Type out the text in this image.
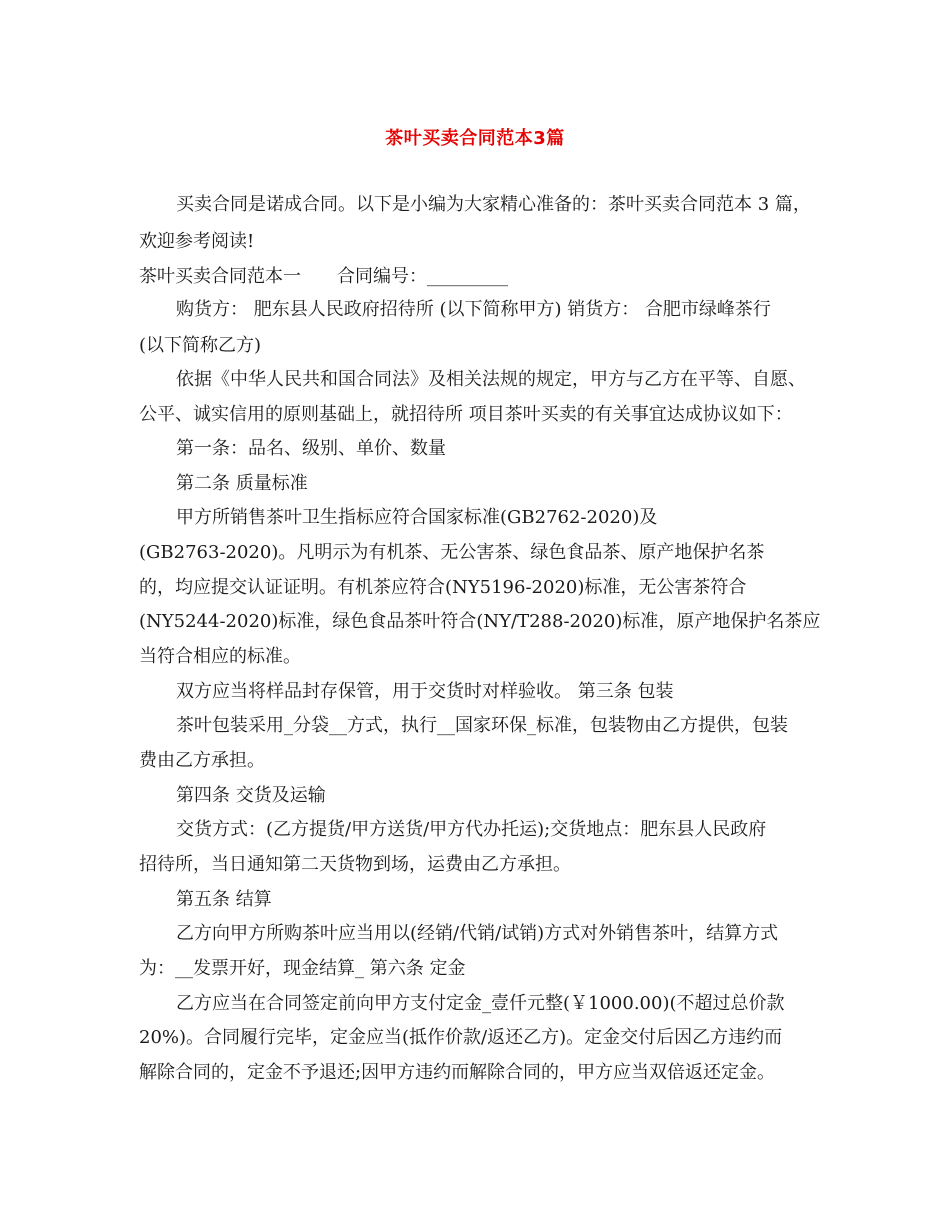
茶叶买卖合同范本3篇
买卖合同是诺成合同。以下是小编为大家精心准备的：茶叶买卖合同范本 3 篇，
欢迎参考阅读!
茶叶买卖合同范本一　　合同编号：_________
购货方： 肥东县人民政府招待所 (以下简称甲方) 销货方： 合肥市绿峰茶行
(以下简称乙方)
依据《中华人民共和国合同法》及相关法规的规定，甲方与乙方在平等、自愿、
公平、诚实信用的原则基础上，就招待所 项目茶叶买卖的有关事宜达成协议如下：
第一条：品名、级别、单价、数量
第二条 质量标准
甲方所销售茶叶卫生指标应符合国家标准(GB2762-2020)及
(GB2763-2020)。凡明示为有机茶、无公害茶、绿色食品茶、原产地保护名茶
的，均应提交认证证明。有机茶应符合(NY5196-2020)标准，无公害茶符合
(NY5244-2020)标准，绿色食品茶叶符合(NY/T288-2020)标准，原产地保护名茶应
当符合相应的标准。
双方应当将样品封存保管，用于交货时对样验收。 第三条 包装
茶叶包装采用_分袋__方式，执行__国家环保_标准，包装物由乙方提供，包装
费由乙方承担。
第四条 交货及运输
交货方式：(乙方提货/甲方送货/甲方代办托运);交货地点：肥东县人民政府
招待所，当日通知第二天货物到场，运费由乙方承担。
第五条 结算
乙方向甲方所购茶叶应当用以(经销/代销/试销)方式对外销售茶叶，结算方式
为：__发票开好，现金结算_ 第六条 定金
乙方应当在合同签定前向甲方支付定金_壹仟元整(￥1000.00)(不超过总价款
20%)。合同履行完毕，定金应当(抵作价款/返还乙方)。定金交付后因乙方违约而
解除合同的，定金不予退还;因甲方违约而解除合同的，甲方应当双倍返还定金。
